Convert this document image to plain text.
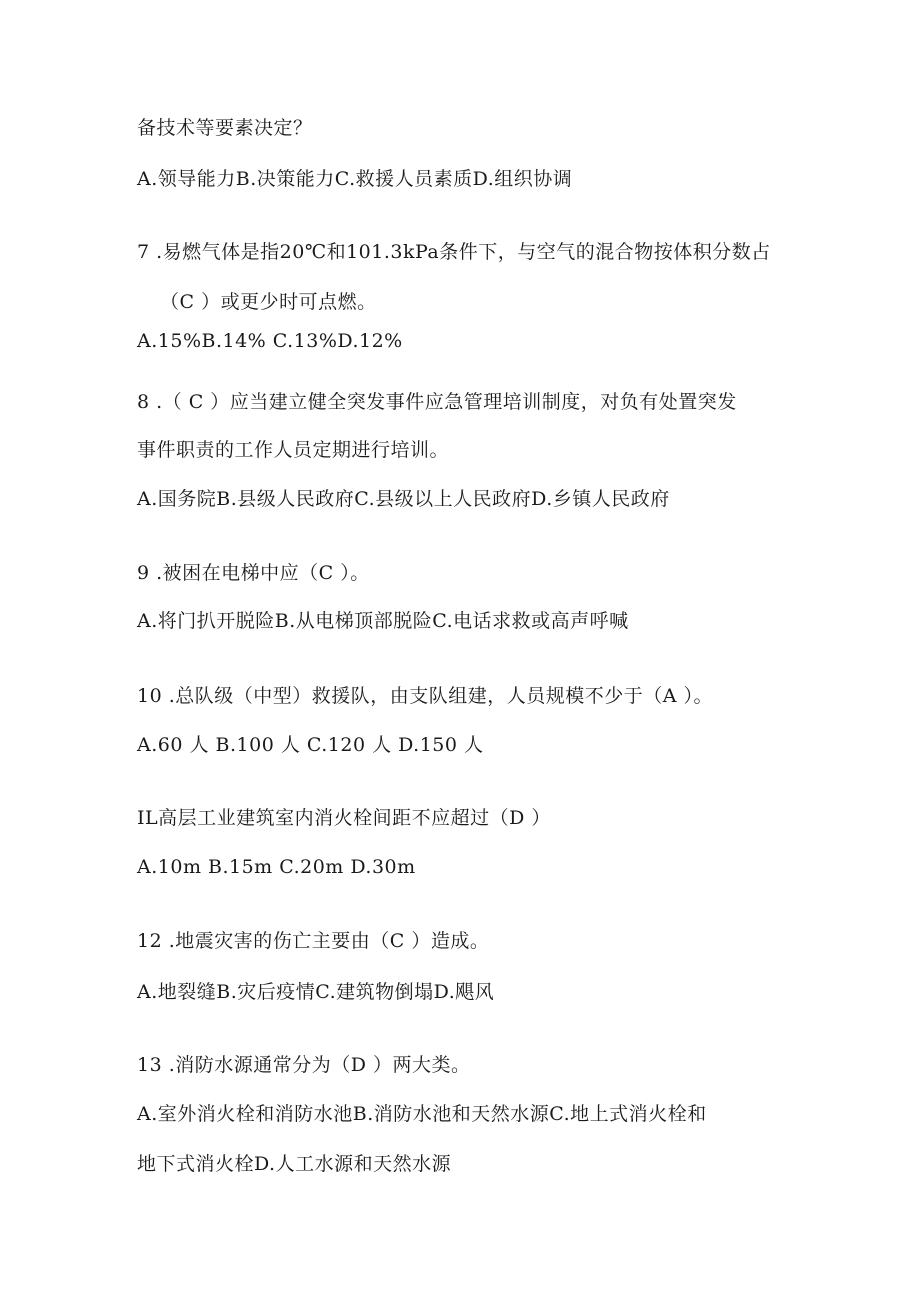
备技术等要素决定？
A.领导能力B.决策能力C.救援人员素质D.组织协调
7 .易燃气体是指20℃和101.3kPa条件下，与空气的混合物按体积分数占
（C ）或更少时可点燃。
A.15%B.14% C.13%D.12%
8 .（ C ）应当建立健全突发事件应急管理培训制度，对负有处置突发
事件职责的工作人员定期进行培训。
A.国务院B.县级人民政府C.县级以上人民政府D.乡镇人民政府
9 .被困在电梯中应（C ）。
A.将门扒开脱险B.从电梯顶部脱险C.电话求救或高声呼喊
10 .总队级（中型）救援队，由支队组建，人员规模不少于（A ）。
A.60 人 B.100 人 C.120 人 D.150 人
IL高层工业建筑室内消火栓间距不应超过（D ）
A.10m B.15m C.20m D.30m
12 .地震灾害的伤亡主要由（C ）造成。
A.地裂缝B.灾后疫情C.建筑物倒塌D.飓风
13 .消防水源通常分为（D ）两大类。
A.室外消火栓和消防水池B.消防水池和天然水源C.地上式消火栓和
地下式消火栓D.人工水源和天然水源
